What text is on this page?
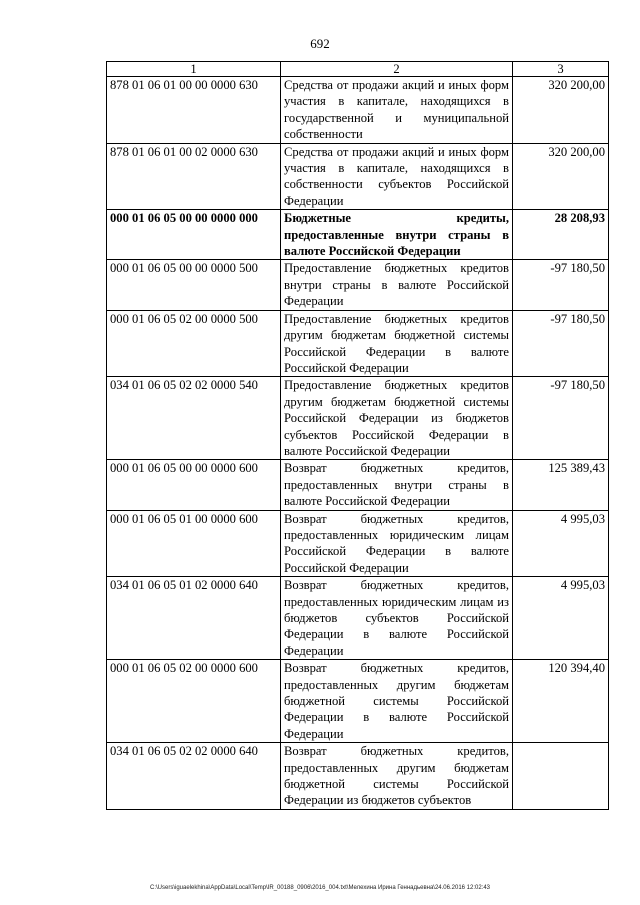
692
1	2	3
878 01 06 01 00 00 0000 630	Средства от продажи акций и иных форм участия в капитале, находящихся в государственной и муниципальной собственности	320 200,00
878 01 06 01 00 02 0000 630	Средства от продажи акций и иных форм участия в капитале, находящихся в собственности субъектов Российской Федерации	320 200,00
000 01 06 05 00 00 0000 000	Бюджетные кредиты, предоставленные внутри страны в валюте Российской Федерации	28 208,93
000 01 06 05 00 00 0000 500	Предоставление бюджетных кредитов внутри страны в валюте Российской Федерации	-97 180,50
000 01 06 05 02 00 0000 500	Предоставление бюджетных кредитов другим бюджетам бюджетной системы Российской Федерации в валюте Российской Федерации	-97 180,50
034 01 06 05 02 02 0000 540	Предоставление бюджетных кредитов другим бюджетам бюджетной системы Российской Федерации из бюджетов субъектов Российской Федерации в валюте Российской Федерации	-97 180,50
000 01 06 05 00 00 0000 600	Возврат бюджетных кредитов, предоставленных внутри страны в валюте Российской Федерации	125 389,43
000 01 06 05 01 00 0000 600	Возврат бюджетных кредитов, предоставленных юридическим лицам Российской Федерации в валюте Российской Федерации	4 995,03
034 01 06 05 01 02 0000 640	Возврат бюджетных кредитов, предоставленных юридическим лицам из бюджетов субъектов Российской Федерации в валюте Российской Федерации	4 995,03
000 01 06 05 02 00 0000 600	Возврат бюджетных кредитов, предоставленных другим бюджетам бюджетной системы Российской Федерации в валюте Российской Федерации	120 394,40
034 01 06 05 02 02 0000 640	Возврат бюджетных кредитов, предоставленных другим бюджетам бюджетной системы Российской Федерации из бюджетов субъектов	
C:\Users\iguaelekhina\AppData\Local\Temp\IR_00188_0906\2016_004.txt\Мелехина Ирина Геннадьевна\24.06.2016 12:02:43
